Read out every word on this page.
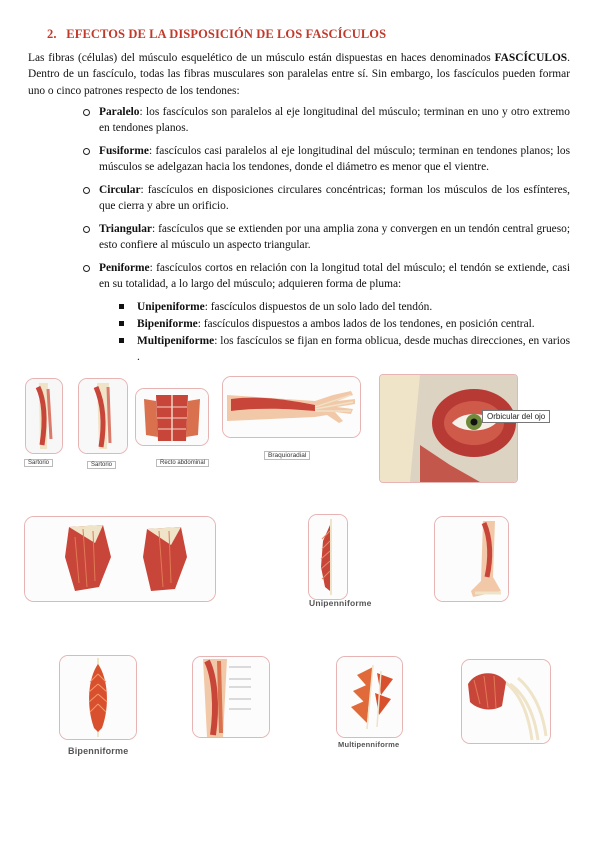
2. EFECTOS DE LA DISPOSICIÓN DE LOS FASCÍCULOS

Las fibras (células) del músculo esquelético de un músculo están dispuestas en haces denominados FASCÍCULOS. Dentro de un fascículo, todas las fibras musculares son paralelas entre sí. Sin embargo, los fascículos pueden formar uno o cinco patrones respecto de los tendones:

Paralelo: los fascículos son paralelos al eje longitudinal del músculo; terminan en uno y otro extremo en tendones planos.
Fusiforme: fascículos casi paralelos al eje longitudinal del músculo; terminan en tendones planos; los músculos se adelgazan hacia los tendones, donde el diámetro es menor que el vientre.
Circular: fascículos en disposiciones circulares concéntricas; forman los músculos de los esfínteres, que cierra y abre un orificio.
Triangular: fascículos que se extienden por una amplia zona y convergen en un tendón central grueso; esto confiere al músculo un aspecto triangular.
Peniforme: fascículos cortos en relación con la longitud total del músculo; el tendón se extiende, casi en su totalidad, a lo largo del músculo; adquieren forma de pluma:
Unipeniforme: fascículos dispuestos de un solo lado del tendón.
Bipeniforme: fascículos dispuestos a ambos lados de los tendones, en posición central.
Multipeniforme: los fascículos se fijan en forma oblicua, desde muchas direcciones, en varios .
Sartorio	Sartorio	Recto abdominal
Braquioradial
Orbicular del ojo
Unipenniforme
Bipenniforme
Multipenniforme
